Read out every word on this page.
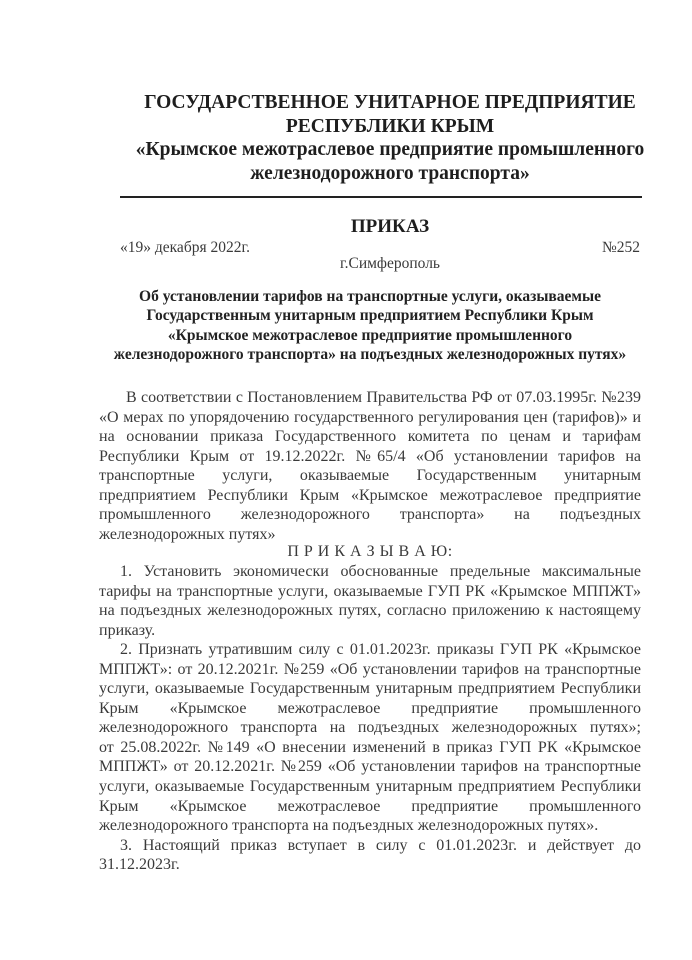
ГОСУДАРСТВЕННОЕ УНИТАРНОЕ ПРЕДПРИЯТИЕ
РЕСПУБЛИКИ КРЫМ
«Крымское межотраслевое предприятие промышленного
железнодорожного транспорта»
ПРИКАЗ
«19» декабря 2022г.	№252
г.Симферополь
Об установлении тарифов на транспортные услуги, оказываемые
Государственным унитарным предприятием Республики Крым
«Крымское межотраслевое предприятие промышленного
железнодорожного транспорта» на подъездных железнодорожных путях»
В соответствии с Постановлением Правительства РФ от 07.03.1995г. №239
«О мерах по упорядочению государственного регулирования цен (тарифов)» и
на основании приказа Государственного комитета по ценам и тарифам
Республики Крым от 19.12.2022г. №65/4 «Об установлении тарифов на
транспортные услуги, оказываемые Государственным унитарным
предприятием Республики Крым «Крымское межотраслевое предприятие
промышленного железнодорожного транспорта» на подъездных
железнодорожных путях»
П Р И К А З Ы В А Ю:
1. Установить экономически обоснованные предельные максимальные
тарифы на транспортные услуги, оказываемые ГУП РК «Крымское МППЖТ»
на подъездных железнодорожных путях, согласно приложению к настоящему
приказу.
2. Признать утратившим силу с 01.01.2023г. приказы ГУП РК «Крымское
МППЖТ»: от 20.12.2021г. №259 «Об установлении тарифов на транспортные
услуги, оказываемые Государственным унитарным предприятием Республики
Крым «Крымское межотраслевое предприятие промышленного
железнодорожного транспорта на подъездных железнодорожных путях»;
от 25.08.2022г. №149 «О внесении изменений в приказ ГУП РК «Крымское
МППЖТ» от 20.12.2021г. №259 «Об установлении тарифов на транспортные
услуги, оказываемые Государственным унитарным предприятием Республики
Крым «Крымское межотраслевое предприятие промышленного
железнодорожного транспорта на подъездных железнодорожных путях».
3. Настоящий приказ вступает в силу с 01.01.2023г. и действует до
31.12.2023г.
